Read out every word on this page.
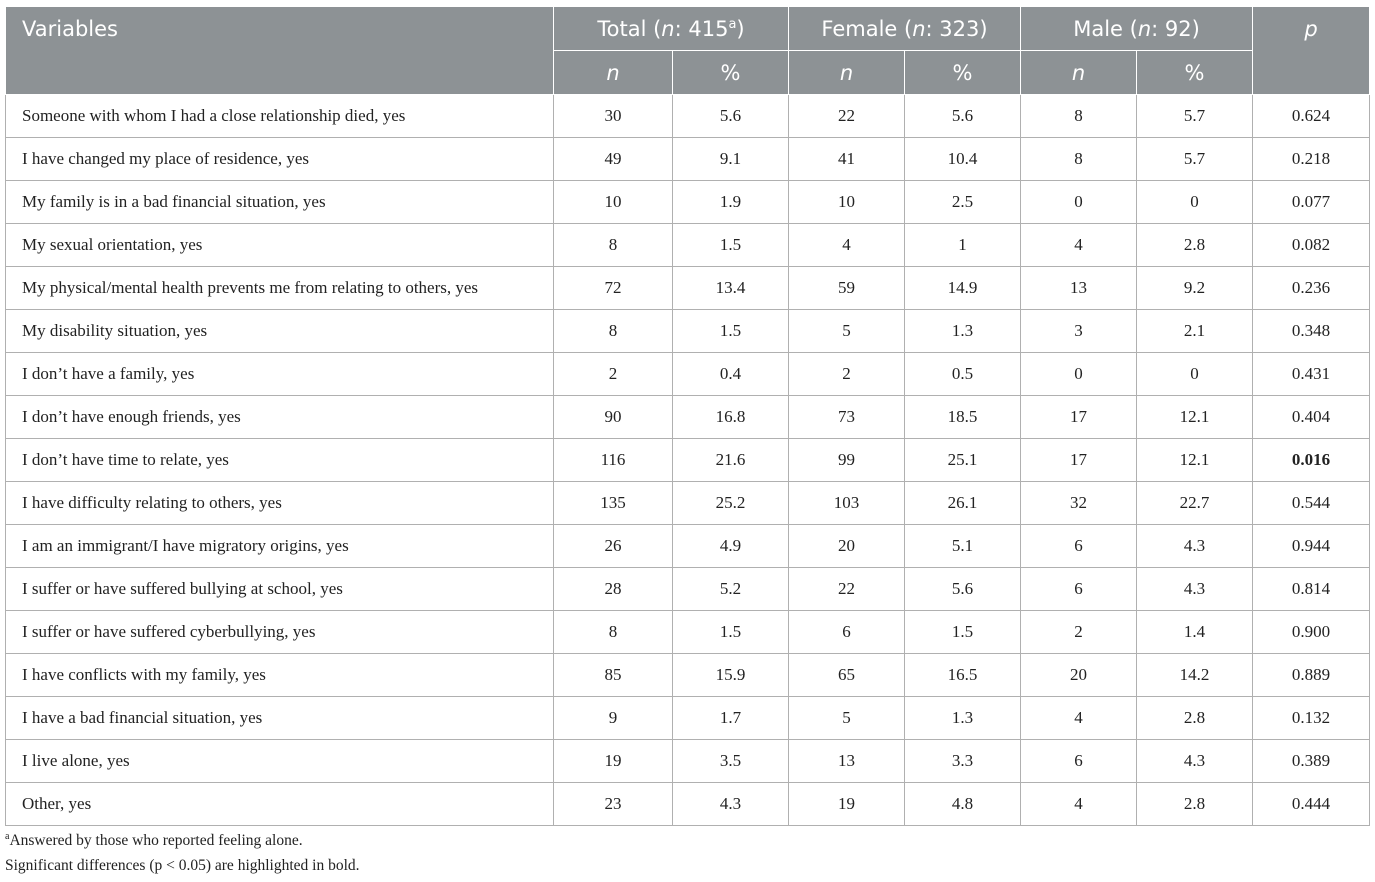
Variables	Total (n: 415$^a$)		Female (n: 323)		Male (n: 92)		p
	n	%	n	%	n	%	
Someone with whom I had a close relationship died, yes	30	5.6	22	5.6	8	5.7	0.624
I have changed my place of residence, yes	49	9.1	41	10.4	8	5.7	0.218
My family is in a bad financial situation, yes	10	1.9	10	2.5	0	0	0.077
My sexual orientation, yes	8	1.5	4	1	4	2.8	0.082
My physical/mental health prevents me from relating to others, yes	72	13.4	59	14.9	13	9.2	0.236
My disability situation, yes	8	1.5	5	1.3	3	2.1	0.348
I don’t have a family, yes	2	0.4	2	0.5	0	0	0.431
I don’t have enough friends, yes	90	16.8	73	18.5	17	12.1	0.404
I don’t have time to relate, yes	116	21.6	99	25.1	17	12.1	0.016
I have difficulty relating to others, yes	135	25.2	103	26.1	32	22.7	0.544
I am an immigrant/I have migratory origins, yes	26	4.9	20	5.1	6	4.3	0.944
I suffer or have suffered bullying at school, yes	28	5.2	22	5.6	6	4.3	0.814
I suffer or have suffered cyberbullying, yes	8	1.5	6	1.5	2	1.4	0.900
I have conflicts with my family, yes	85	15.9	65	16.5	20	14.2	0.889
I have a bad financial situation, yes	9	1.7	5	1.3	4	2.8	0.132
I live alone, yes	19	3.5	13	3.3	6	4.3	0.389
Other, yes	23	4.3	19	4.8	4	2.8	0.444
$^a$Answered by those who reported feeling alone.
Significant differences (p < 0.05) are highlighted in bold.
